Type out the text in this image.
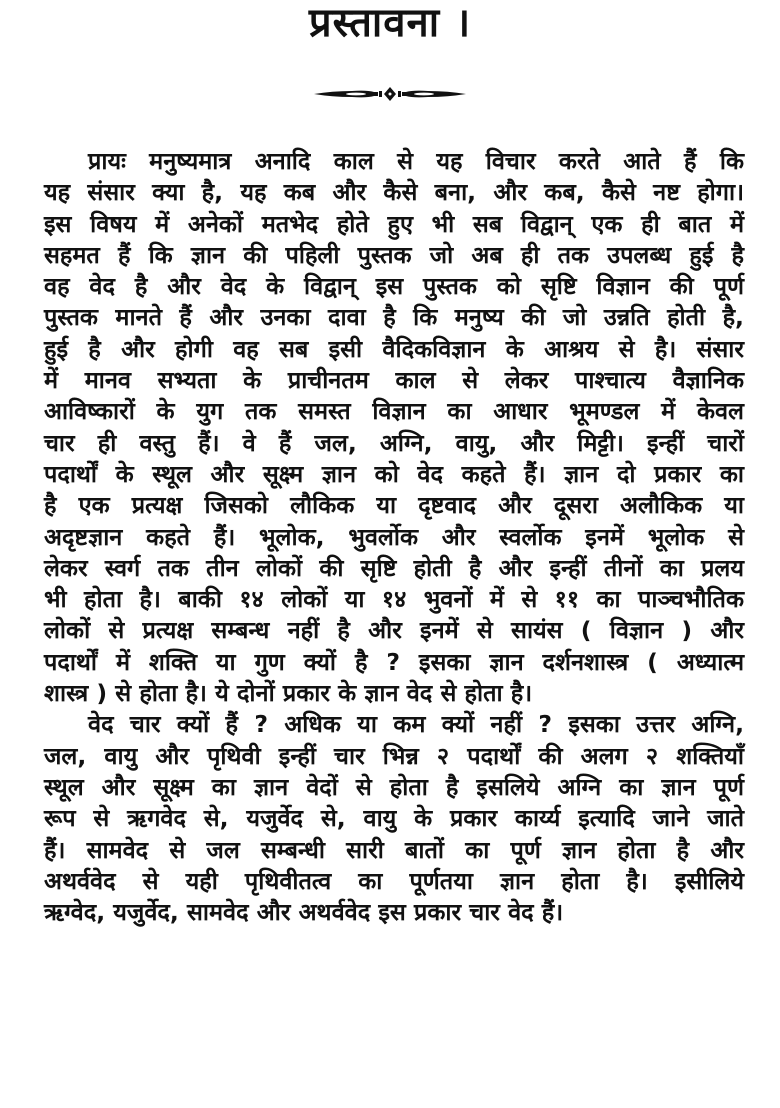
प्रस्तावना ।
प्रायः मनुष्यमात्र अनादि काल से यह विचार करते आते हैं कि
यह संसार क्या है, यह कब और कैसे बना, और कब, कैसे नष्ट होगा।
इस विषय में अनेकों मतभेद होते हुए भी सब विद्वान् एक ही बात में
सहमत हैं कि ज्ञान की पहिली पुस्तक जो अब ही तक उपलब्ध हुई है
वह वेद है और वेद के विद्वान् इस पुस्तक को सृष्टि विज्ञान की पूर्ण
पुस्तक मानते हैं और उनका दावा है कि मनुष्य की जो उन्नति होती है,
हुई है और होगी वह सब इसी वैदिकविज्ञान के आश्रय से है। संसार
में मानव सभ्यता के प्राचीनतम काल से लेकर पाश्चात्य वैज्ञानिक
आविष्कारों के युग तक समस्त विज्ञान का आधार भूमण्डल में केवल
चार ही वस्तु हैं। वे हैं जल, अग्नि, वायु, और मिट्टी। इन्हीं चारों
पदार्थों के स्थूल और सूक्ष्म ज्ञान को वेद कहते हैं। ज्ञान दो प्रकार का
है एक प्रत्यक्ष जिसको लौकिक या दृष्टवाद और दूसरा अलौकिक या
अदृष्टज्ञान कहते हैं। भूलोक, भुवर्लोक और स्वर्लोक इनमें भूलोक से
लेकर स्वर्ग तक तीन लोकों की सृष्टि होती है और इन्हीं तीनों का प्रलय
भी होता है। बाकी १४ लोकों या १४ भुवनों में से ११ का पाञ्चभौतिक
लोकों से प्रत्यक्ष सम्बन्ध नहीं है और इनमें से सायंस ( विज्ञान ) और
पदार्थों में शक्ति या गुण क्यों है ? इसका ज्ञान दर्शनशास्त्र ( अध्यात्म
शास्त्र ) से होता है। ये दोनों प्रकार के ज्ञान वेद से होता है।
वेद चार क्यों हैं ? अधिक या कम क्यों नहीं ? इसका उत्तर अग्नि,
जल, वायु और पृथिवी इन्हीं चार भिन्न २ पदार्थों की अलग २ शक्तियाँ
स्थूल और सूक्ष्म का ज्ञान वेदों से होता है इसलिये अग्नि का ज्ञान पूर्ण
रूप से ऋगवेद से, यजुर्वेद से, वायु के प्रकार कार्य्य इत्यादि जाने जाते
हैं। सामवेद से जल सम्बन्धी सारी बातों का पूर्ण ज्ञान होता है और
अथर्ववेद से यही पृथिवीतत्व का पूर्णतया ज्ञान होता है। इसीलिये
ऋग्वेद, यजुर्वेद, सामवेद और अथर्ववेद इस प्रकार चार वेद हैं।
